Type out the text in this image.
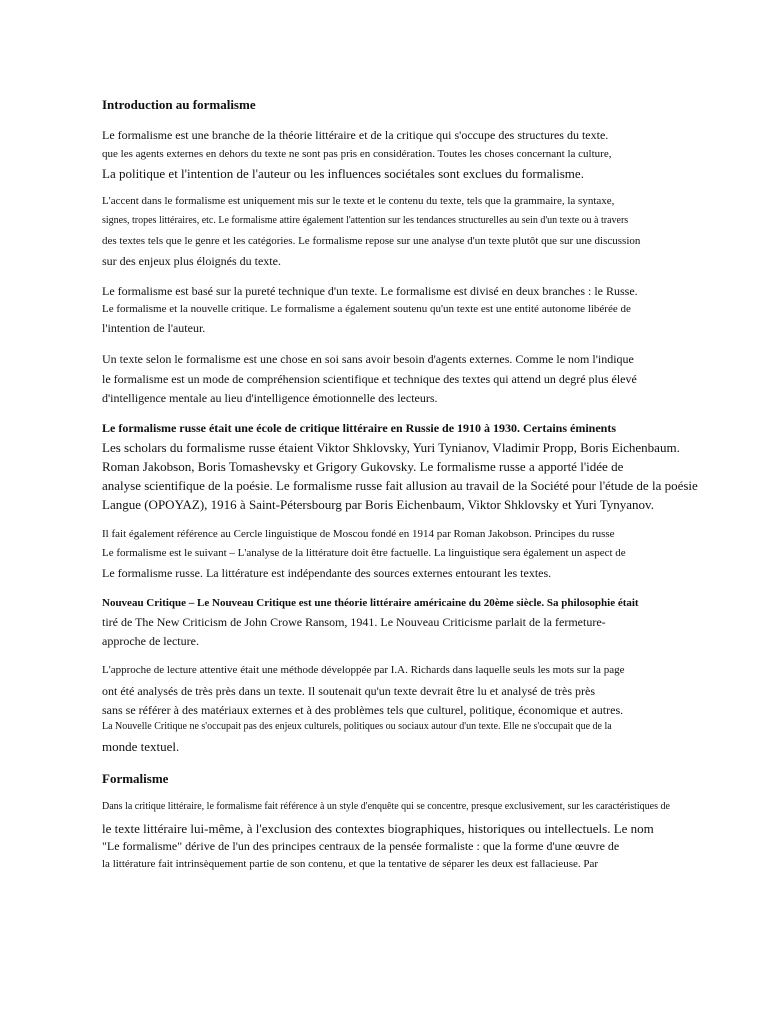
Introduction au formalisme
Le formalisme est une branche de la théorie littéraire et de la critique qui s'occupe des structures du texte.
que les agents externes en dehors du texte ne sont pas pris en considération. Toutes les choses concernant la culture,
La politique et l'intention de l'auteur ou les influences sociétales sont exclues du formalisme.
L'accent dans le formalisme est uniquement mis sur le texte et le contenu du texte, tels que la grammaire, la syntaxe,
signes, tropes littéraires, etc. Le formalisme attire également l'attention sur les tendances structurelles au sein d'un texte ou à travers
des textes tels que le genre et les catégories. Le formalisme repose sur une analyse d'un texte plutôt que sur une discussion
sur des enjeux plus éloignés du texte.
Le formalisme est basé sur la pureté technique d'un texte. Le formalisme est divisé en deux branches : le Russe.
Le formalisme et la nouvelle critique. Le formalisme a également soutenu qu'un texte est une entité autonome libérée de
l'intention de l'auteur.
Un texte selon le formalisme est une chose en soi sans avoir besoin d'agents externes. Comme le nom l'indique
le formalisme est un mode de compréhension scientifique et technique des textes qui attend un degré plus élevé
d'intelligence mentale au lieu d'intelligence émotionnelle des lecteurs.
Le formalisme russe était une école de critique littéraire en Russie de 1910 à 1930. Certains éminents
Les scholars du formalisme russe étaient Viktor Shklovsky, Yuri Tynianov, Vladimir Propp, Boris Eichenbaum.
Roman Jakobson, Boris Tomashevsky et Grigory Gukovsky. Le formalisme russe a apporté l'idée de
analyse scientifique de la poésie. Le formalisme russe fait allusion au travail de la Société pour l'étude de la poésie
Langue (OPOYAZ), 1916 à Saint-Pétersbourg par Boris Eichenbaum, Viktor Shklovsky et Yuri Tynyanov.
Il fait également référence au Cercle linguistique de Moscou fondé en 1914 par Roman Jakobson. Principes du russe
Le formalisme est le suivant – L'analyse de la littérature doit être factuelle. La linguistique sera également un aspect de
Le formalisme russe. La littérature est indépendante des sources externes entourant les textes.
Nouveau Critique – Le Nouveau Critique est une théorie littéraire américaine du 20ème siècle. Sa philosophie était
tiré de The New Criticism de John Crowe Ransom, 1941. Le Nouveau Criticisme parlait de la fermeture-
approche de lecture.
L'approche de lecture attentive était une méthode développée par I.A. Richards dans laquelle seuls les mots sur la page
ont été analysés de très près dans un texte. Il soutenait qu'un texte devrait être lu et analysé de très près
sans se référer à des matériaux externes et à des problèmes tels que culturel, politique, économique et autres.
La Nouvelle Critique ne s'occupait pas des enjeux culturels, politiques ou sociaux autour d'un texte. Elle ne s'occupait que de la
monde textuel.
Formalisme
Dans la critique littéraire, le formalisme fait référence à un style d'enquête qui se concentre, presque exclusivement, sur les caractéristiques de
le texte littéraire lui-même, à l'exclusion des contextes biographiques, historiques ou intellectuels. Le nom
"Le formalisme" dérive de l'un des principes centraux de la pensée formaliste : que la forme d'une œuvre de
la littérature fait intrinsèquement partie de son contenu, et que la tentative de séparer les deux est fallacieuse. Par
